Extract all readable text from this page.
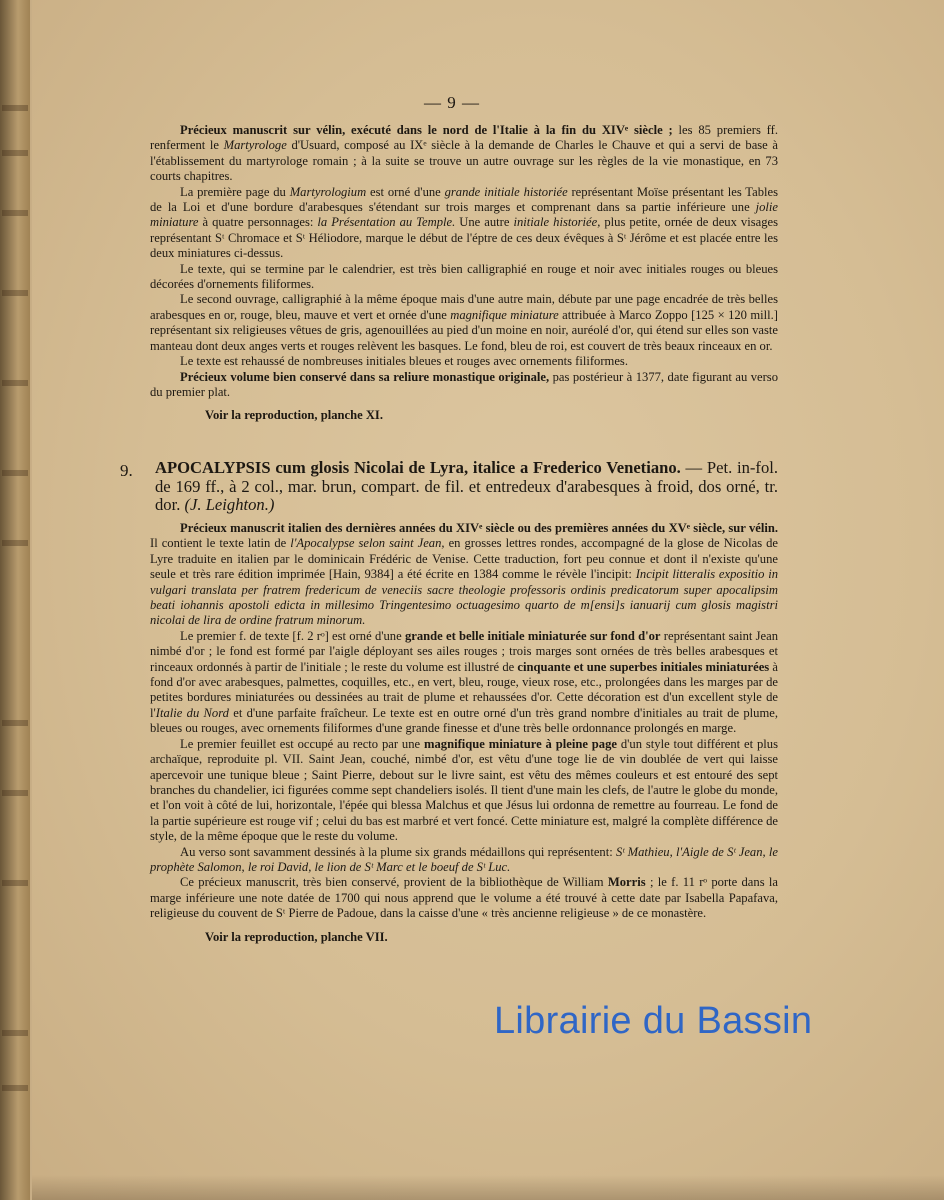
— 9 —

Précieux manuscrit sur vélin, exécuté dans le nord de l'Italie à la fin du XIVᵉ siècle ; les 85 premiers ff. renferment le Martyrologe d'Usuard, composé au IXᵉ siècle à la demande de Charles le Chauve et qui a servi de base à l'établissement du martyrologe romain ; à la suite se trouve un autre ouvrage sur les règles de la vie monastique, en 73 courts chapitres.

La première page du Martyrologium est orné d'une grande initiale historiée représentant Moïse présentant les Tables de la Loi et d'une bordure d'arabesques s'étendant sur trois marges et comprenant dans sa partie inférieure une jolie miniature à quatre personnages: la Présentation au Temple. Une autre initiale historiée, plus petite, ornée de deux visages représentant Sᵗ Chromace et Sᵗ Héliodore, marque le début de l'éptre de ces deux évêques à Sᵗ Jérôme et est placée entre les deux miniatures ci-dessus.

Le texte, qui se termine par le calendrier, est très bien calligraphié en rouge et noir avec initiales rouges ou bleues décorées d'ornements filiformes.

Le second ouvrage, calligraphié à la même époque mais d'une autre main, débute par une page encadrée de très belles arabesques en or, rouge, bleu, mauve et vert et ornée d'une magnifique miniature attribuée à Marco Zoppo [125 × 120 mill.] représentant six religieuses vêtues de gris, agenouillées au pied d'un moine en noir, auréolé d'or, qui étend sur elles son vaste manteau dont deux anges verts et rouges relèvent les basques. Le fond, bleu de roi, est couvert de très beaux rinceaux en or.

Le texte est rehaussé de nombreuses initiales bleues et rouges avec ornements filiformes.

Précieux volume bien conservé dans sa reliure monastique originale, pas postérieur à 1377, date figurant au verso du premier plat.

Voir la reproduction, planche XI.

9. APOCALYPSIS cum glosis Nicolai de Lyra, italice a Frederico Venetiano. — Pet. in-fol. de 169 ff., à 2 col., mar. brun, compart. de fil. et entredeux d'arabesques à froid, dos orné, tr. dor. (J. Leighton.)

Précieux manuscrit italien des dernières années du XIVᵉ siècle ou des premières années du XVᵉ siècle, sur vélin. Il contient le texte latin de l'Apocalypse selon saint Jean, en grosses lettres rondes, accompagné de la glose de Nicolas de Lyre traduite en italien par le dominicain Frédéric de Venise. Cette traduction, fort peu connue et dont il n'existe qu'une seule et très rare édition imprimée [Hain, 9384] a été écrite en 1384 comme le révèle l'incipit: Incipit litteralis expositio in vulgari translata per fratrem fredericum de veneciis sacre theologie professoris ordinis predicatorum super apocalipsim beati iohannis apostoli edicta in millesimo Tringentesimo octuagesimo quarto de m[ensi]s ianuarij cum glosis magistri nicolai de lira de ordine fratrum minorum.

Le premier f. de texte [f. 2 rᵒ] est orné d'une grande et belle initiale miniaturée sur fond d'or représentant saint Jean nimbé d'or ; le fond est formé par l'aigle déployant ses ailes rouges ; trois marges sont ornées de très belles arabesques et rinceaux ordonnés à partir de l'initiale ; le reste du volume est illustré de cinquante et une superbes initiales miniaturées à fond d'or avec arabesques, palmettes, coquilles, etc., en vert, bleu, rouge, vieux rose, etc., prolongées dans les marges par de petites bordures miniaturées ou dessinées au trait de plume et rehaussées d'or. Cette décoration est d'un excellent style de l'Italie du Nord et d'une parfaite fraîcheur. Le texte est en outre orné d'un très grand nombre d'initiales au trait de plume, bleues ou rouges, avec ornements filiformes d'une grande finesse et d'une très belle ordonnance prolongés en marge.

Le premier feuillet est occupé au recto par une magnifique miniature à pleine page d'un style tout différent et plus archaïque, reproduite pl. VII. Saint Jean, couché, nimbé d'or, est vêtu d'une toge lie de vin doublée de vert qui laisse apercevoir une tunique bleue ; Saint Pierre, debout sur le livre saint, est vêtu des mêmes couleurs et est entouré des sept branches du chandelier, ici figurées comme sept chandeliers isolés. Il tient d'une main les clefs, de l'autre le globe du monde, et l'on voit à côté de lui, horizontale, l'épée qui blessa Malchus et que Jésus lui ordonna de remettre au fourreau. Le fond de la partie supérieure est rouge vif ; celui du bas est marbré et vert foncé. Cette miniature est, malgré la complète différence de style, de la même époque que le reste du volume.

Au verso sont savamment dessinés à la plume six grands médaillons qui représentent: Sᵗ Mathieu, l'Aigle de Sᵗ Jean, le prophète Salomon, le roi David, le lion de Sᵗ Marc et le boeuf de Sᵗ Luc.

Ce précieux manuscrit, très bien conservé, provient de la bibliothèque de William Morris ; le f. 11 rᵒ porte dans la marge inférieure une note datée de 1700 qui nous apprend que le volume a été trouvé à cette date par Isabella Papafava, religieuse du couvent de Sᵗ Pierre de Padoue, dans la caisse d'une « très ancienne religieuse » de ce monastère.

Voir la reproduction, planche VII.

Librairie du Bassin
